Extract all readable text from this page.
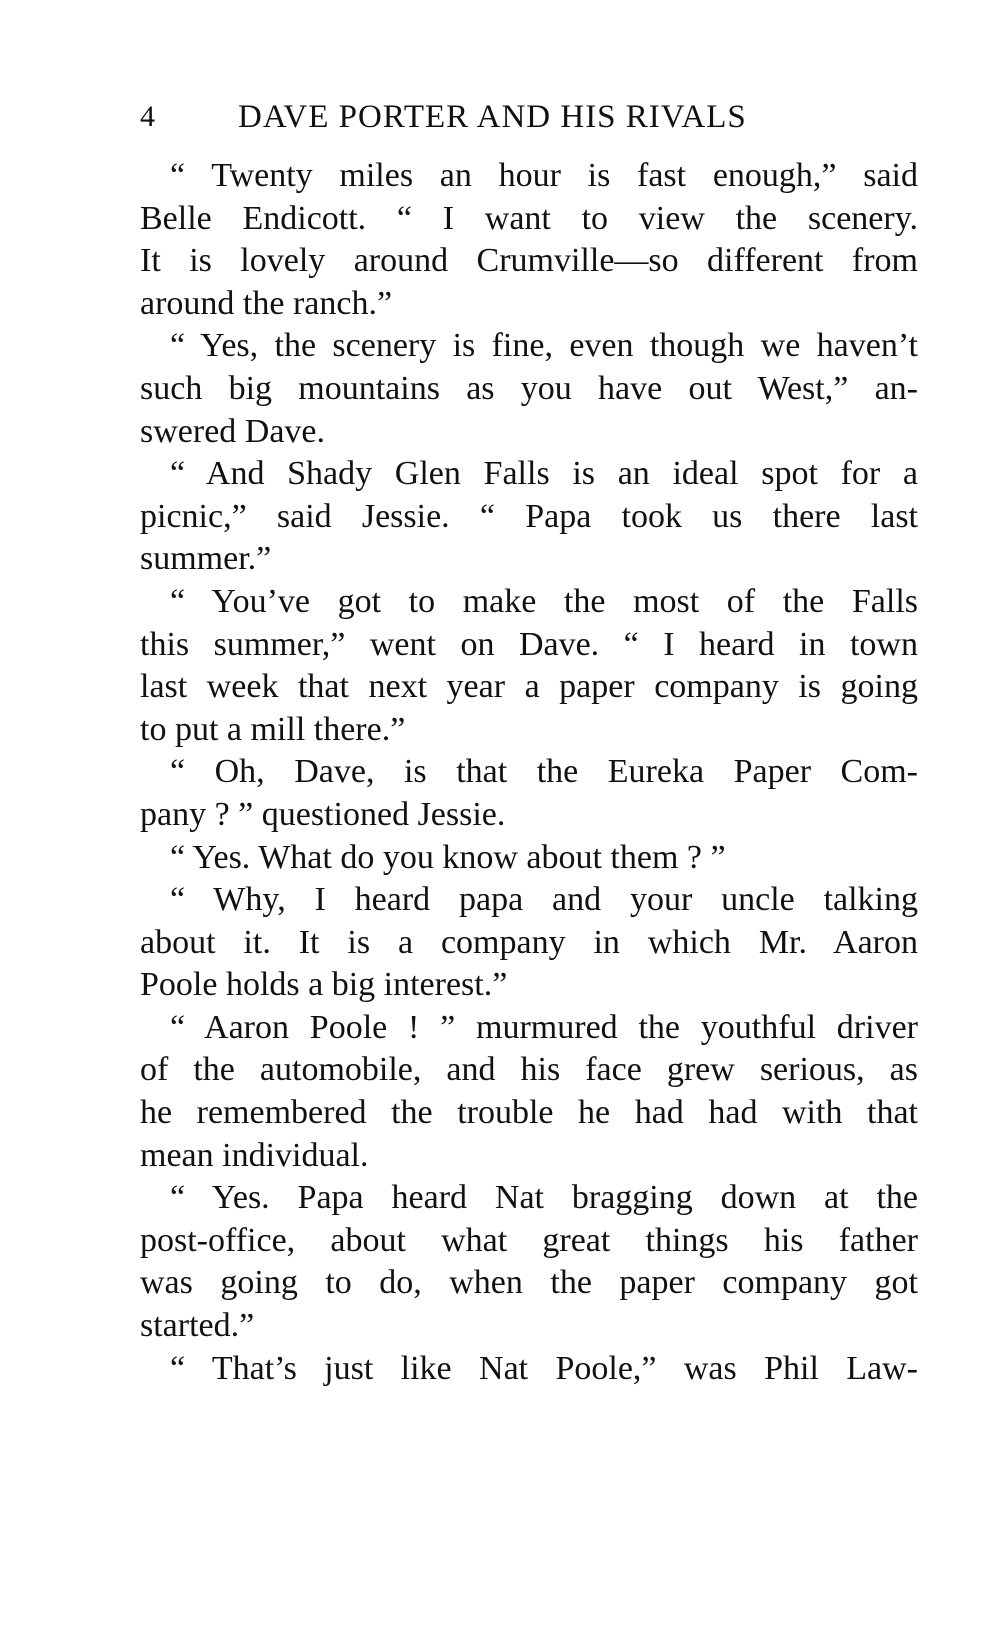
4	DAVE PORTER AND HIS RIVALS
“ Twenty miles an hour is fast enough,” said
Belle Endicott. “ I want to view the scenery.
It is lovely around Crumville—so different from
around the ranch.”
“ Yes, the scenery is fine, even though we haven’t
such big mountains as you have out West,” an-
swered Dave.
“ And Shady Glen Falls is an ideal spot for a
picnic,” said Jessie. “ Papa took us there last
summer.”
“ You’ve got to make the most of the Falls
this summer,” went on Dave. “ I heard in town
last week that next year a paper company is going
to put a mill there.”
“ Oh, Dave, is that the Eureka Paper Com-
pany ? ” questioned Jessie.
“ Yes. What do you know about them ? ”
“ Why, I heard papa and your uncle talking
about it. It is a company in which Mr. Aaron
Poole holds a big interest.”
“ Aaron Poole ! ” murmured the youthful driver
of the automobile, and his face grew serious, as
he remembered the trouble he had had with that
mean individual.
“ Yes. Papa heard Nat bragging down at the
post-office, about what great things his father
was going to do, when the paper company got
started.”
“ That’s just like Nat Poole,” was Phil Law-
